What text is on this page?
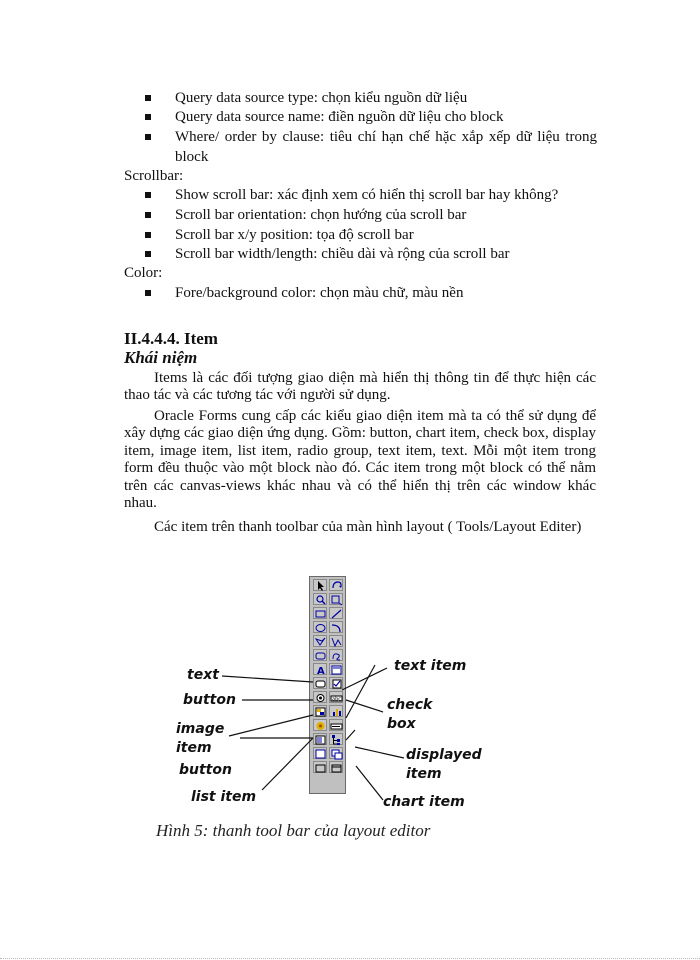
Query data source type: chọn kiểu nguồn dữ liệu
Query data source name: điền nguồn dữ liệu cho block
Where/ order by clause: tiêu chí hạn chế hặc xắp xếp dữ liệu trong block
Scrollbar:
Show scroll bar: xác định xem có hiển thị scroll bar hay không?
Scroll bar orientation: chọn hướng của scroll bar
Scroll bar x/y position: tọa độ scroll bar
Scroll bar width/length: chiều dài và rộng của scroll bar
Color:
Fore/background color: chọn màu chữ, màu nền
II.4.4.4. Item
Khái niệm
Items là các đối tượng giao diện mà hiển thị thông tin để thực hiện các thao tác và các tương tác với người sử dụng.
Oracle Forms cung cấp các kiểu giao diện item mà ta có thể sử dụng để xây dựng các giao diện ứng dụng. Gồm: button, chart item, check box, display item, image item, list item, radio group, text item, text. Mỗi một item trong form đều thuộc vào một block nào đó. Các item trong một block có thể nằm trên các canvas-views khác nhau và có thể hiển thị trên các window khác nhau.
Các item trên thanh toolbar của màn hình layout ( Tools/Layout Editer)
A
abc
text
button
image item
button
list item
text item
check box
displayed item
chart item
Hình 5: thanh tool bar của layout editor
